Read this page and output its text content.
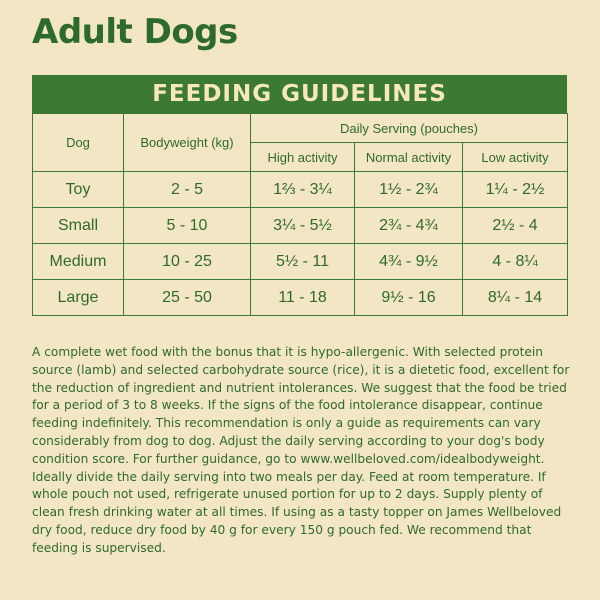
Adult Dogs
FEEDING GUIDELINES
Dog	Bodyweight (kg)	Daily Serving (pouches)		
		High activity	Normal activity	Low activity
Toy	2 - 5	1⅔ - 3¼	1½ - 2¾	1¼ - 2½
Small	5 - 10	3¼ - 5½	2¾ - 4¾	2½ - 4
Medium	10 - 25	5½ - 11	4¾ - 9½	4 - 8¼
Large	25 - 50	11 - 18	9½ - 16	8¼ - 14

A complete wet food with the bonus that it is hypo-allergenic. With selected protein source (lamb) and selected carbohydrate source (rice), it is a dietetic food, excellent for the reduction of ingredient and nutrient intolerances. We suggest that the food be tried for a period of 3 to 8 weeks. If the signs of the food intolerance disappear, continue feeding indefinitely. This recommendation is only a guide as requirements can vary considerably from dog to dog. Adjust the daily serving according to your dog's body condition score. For further guidance, go to www.wellbeloved.com/idealbodyweight. Ideally divide the daily serving into two meals per day. Feed at room temperature. If whole pouch not used, refrigerate unused portion for up to 2 days. Supply plenty of clean fresh drinking water at all times. If using as a tasty topper on James Wellbeloved dry food, reduce dry food by 40 g for every 150 g pouch fed. We recommend that feeding is supervised.
